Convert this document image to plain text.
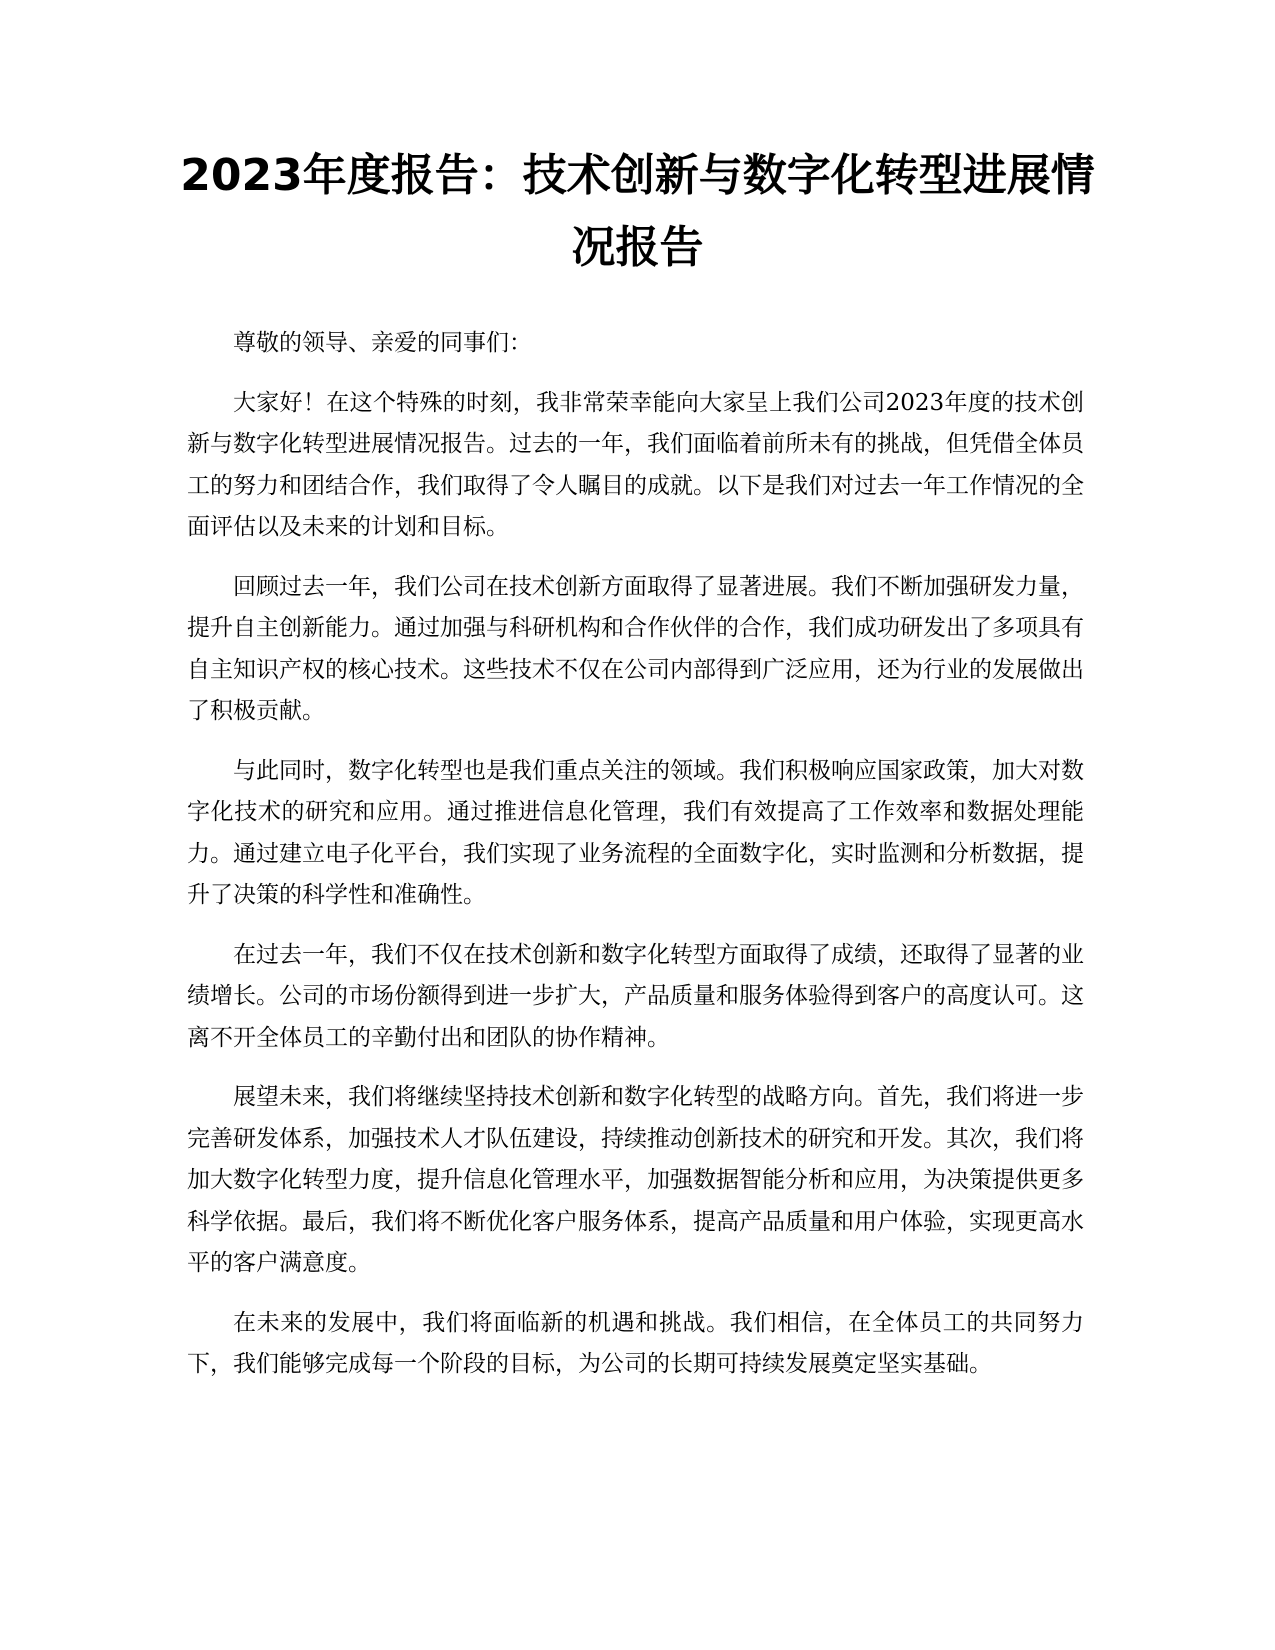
2023年度报告：技术创新与数字化转型进展情况报告

尊敬的领导、亲爱的同事们：

大家好！在这个特殊的时刻，我非常荣幸能向大家呈上我们公司2023年度的技术创新与数字化转型进展情况报告。过去的一年，我们面临着前所未有的挑战，但凭借全体员工的努力和团结合作，我们取得了令人瞩目的成就。以下是我们对过去一年工作情况的全面评估以及未来的计划和目标。

回顾过去一年，我们公司在技术创新方面取得了显著进展。我们不断加强研发力量，提升自主创新能力。通过加强与科研机构和合作伙伴的合作，我们成功研发出了多项具有自主知识产权的核心技术。这些技术不仅在公司内部得到广泛应用，还为行业的发展做出了积极贡献。

与此同时，数字化转型也是我们重点关注的领域。我们积极响应国家政策，加大对数字化技术的研究和应用。通过推进信息化管理，我们有效提高了工作效率和数据处理能力。通过建立电子化平台，我们实现了业务流程的全面数字化，实时监测和分析数据，提升了决策的科学性和准确性。

在过去一年，我们不仅在技术创新和数字化转型方面取得了成绩，还取得了显著的业绩增长。公司的市场份额得到进一步扩大，产品质量和服务体验得到客户的高度认可。这离不开全体员工的辛勤付出和团队的协作精神。

展望未来，我们将继续坚持技术创新和数字化转型的战略方向。首先，我们将进一步完善研发体系，加强技术人才队伍建设，持续推动创新技术的研究和开发。其次，我们将加大数字化转型力度，提升信息化管理水平，加强数据智能分析和应用，为决策提供更多科学依据。最后，我们将不断优化客户服务体系，提高产品质量和用户体验，实现更高水平的客户满意度。

在未来的发展中，我们将面临新的机遇和挑战。我们相信，在全体员工的共同努力下，我们能够完成每一个阶段的目标，为公司的长期可持续发展奠定坚实基础。
